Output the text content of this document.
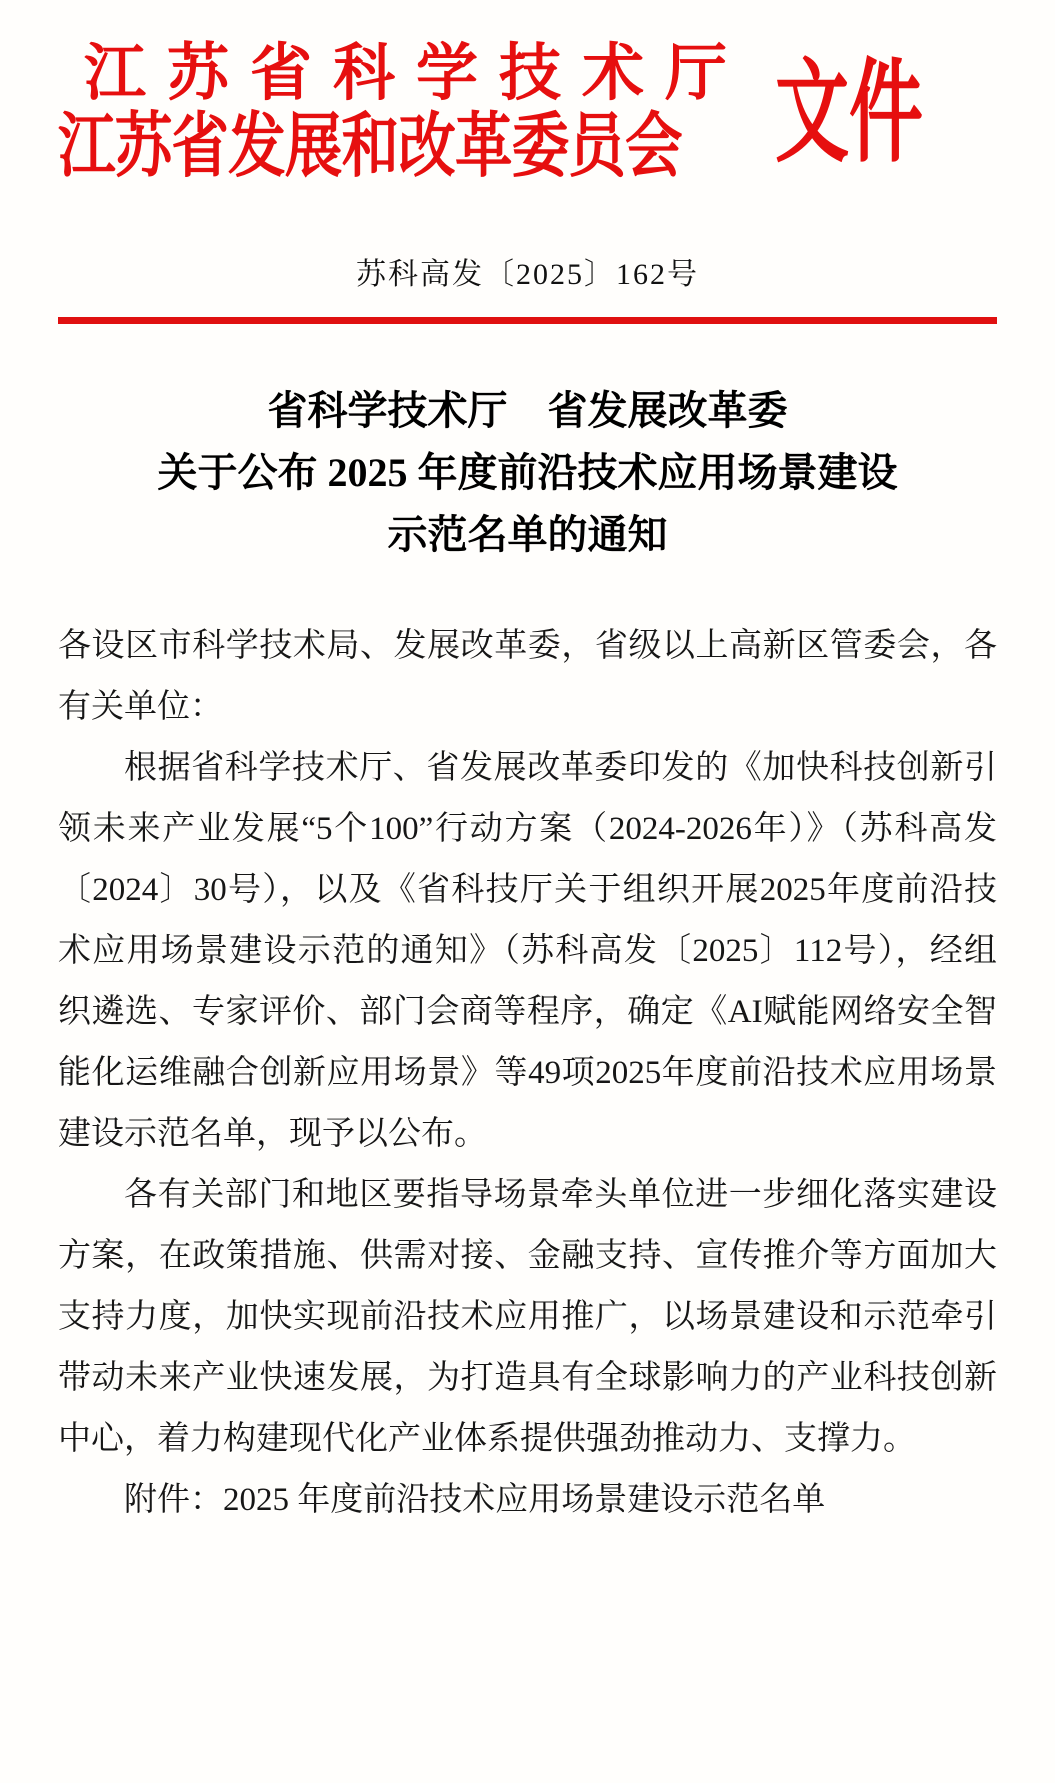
江苏省科学技术厅
江苏省发展和改革委员会 文件
苏科高发〔2025〕162号
省科学技术厅　省发展改革委
关于公布 2025 年度前沿技术应用场景建设
示范名单的通知

各设区市科学技术局、发展改革委，省级以上高新区管委会，各有关单位：

根据省科学技术厅、省发展改革委印发的《加快科技创新引领未来产业发展“5个100”行动方案（2024-2026年）》（苏科高发〔2024〕30号），以及《省科技厅关于组织开展2025年度前沿技术应用场景建设示范的通知》（苏科高发〔2025〕112号），经组织遴选、专家评价、部门会商等程序，确定《AI赋能网络安全智能化运维融合创新应用场景》等49项2025年度前沿技术应用场景建设示范名单，现予以公布。

各有关部门和地区要指导场景牵头单位进一步细化落实建设方案，在政策措施、供需对接、金融支持、宣传推介等方面加大支持力度，加快实现前沿技术应用推广，以场景建设和示范牵引带动未来产业快速发展，为打造具有全球影响力的产业科技创新中心，着力构建现代化产业体系提供强劲推动力、支撑力。

附件：2025 年度前沿技术应用场景建设示范名单
